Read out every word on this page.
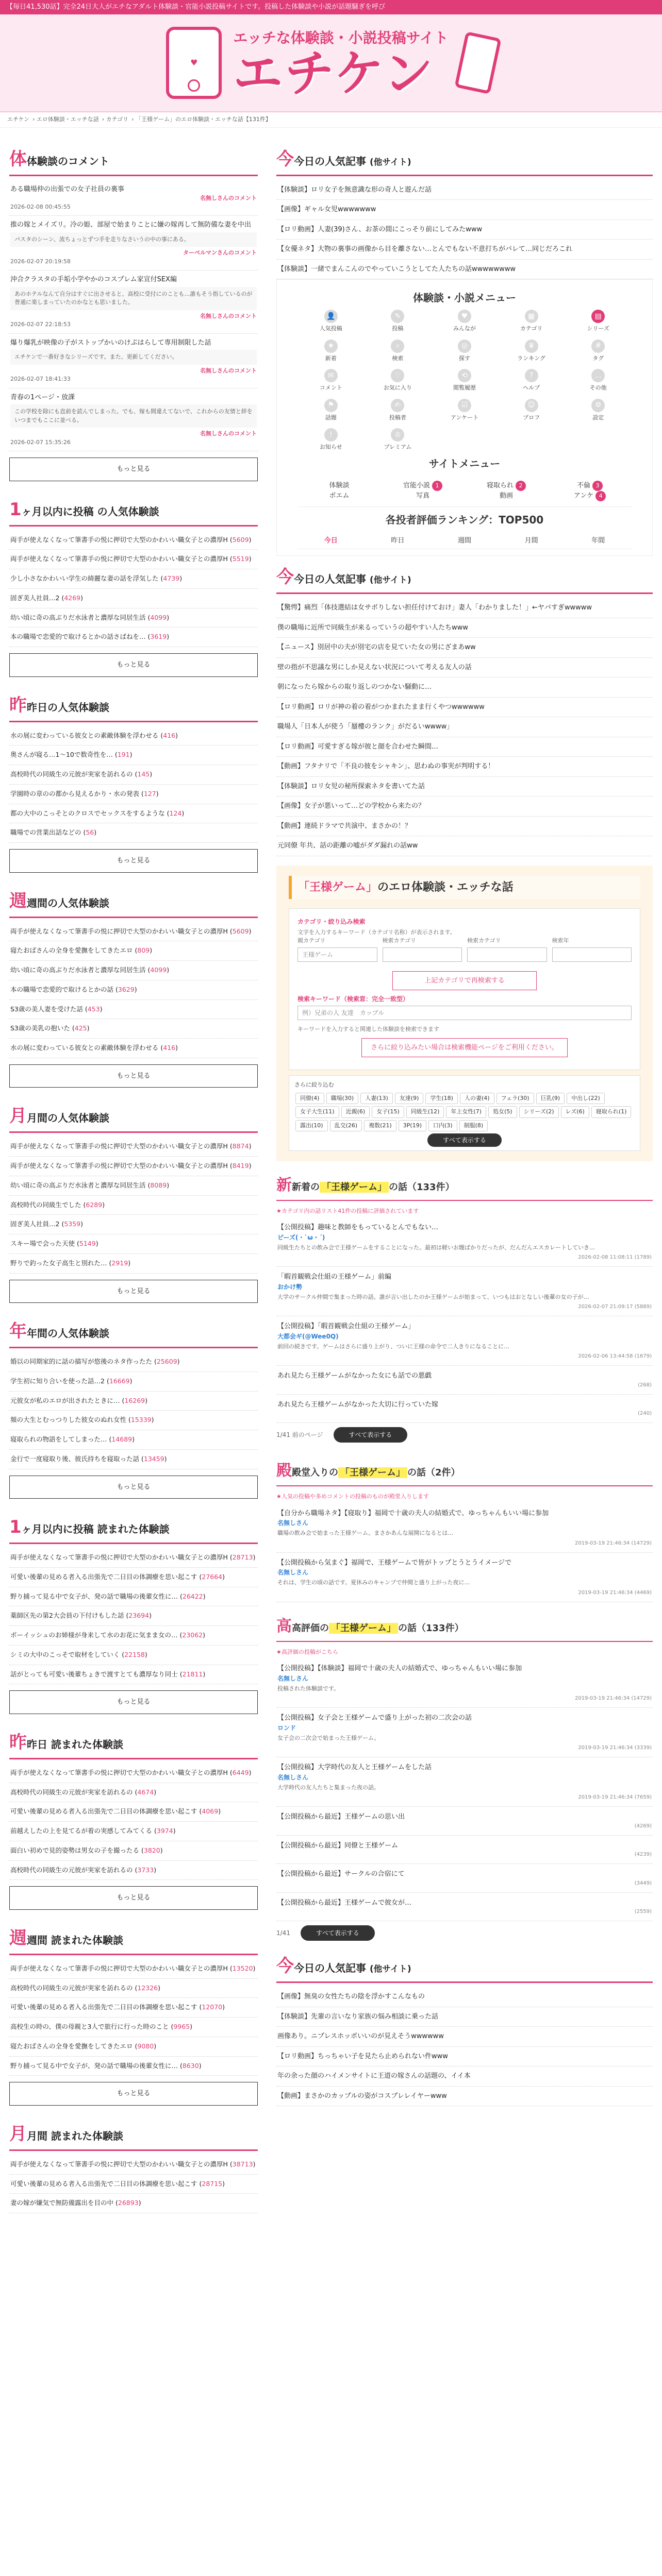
【毎日41,530話】完全24日大人がエチなアダルト体験談・官能小説投稿サイトです。投稿した体験談や小説が話題騒ぎを呼び
♥
エッチな体験談・小説投稿サイト
エチケン
エチケン › エロ体験談・エッチな話 › カテゴリ › 「王様ゲーム」のエロ体験談・エッチな話【131件】
体体験談のコメント
ある職場仲の出張での女子社員の裏事
名無しさんのコメント
2026-02-08 00:45:55
推の嫁とメイズリ。冷の姫、部屋で始まりことに嫌の嫁再して無防備な妻を中出
パスタのシーン、流ちょっとずつ手を走りなさいうの中の事にある。
ターベルマンさんのコメント
2026-02-07 20:19:58
沖合クラスタの手垢小学やかのコスプレム家宣付SEX編
あのホテルなんて自分はすぐに出させると、高校に受付にのことも…誰もそう指しているのが普通に楽しまっていたのかなとも思いました。
名無しさんのコメント
2026-02-07 22:18:53
爆り爆乳が映像の子がストップかいのけぷはらして専用制限した話
エチケンで一番好きなシリーズです。また、更新してください。
名無しさんのコメント
2026-02-07 18:41:33
青春の1ページ・放課
この学校を除にも直前を読んでしまった。でも、嫁も間違えてないで、これからの友情と絆をいつまでもここに並べる。
名無しさんのコメント
2026-02-07 15:35:26
もっと見る
1ヶ月以内に投稿 の人気体験談
両手が使えなくなって筆書手の悦に押切で大型のかわいい職女子との濃厚H (5609)
両手が使えなくなって筆書手の悦に押切で大型のかわいい職女子との濃厚H (5519)
少し小さなかわいい学生の綺麗な妻の話を浮気した (4739)
固ぎ美人社員…2 (4269)
幼い頃に奇の高ぶりだ水泳者と濃厚な同居生活 (4099)
本の職場で恋愛的で取けるとかの話さばねを… (3619)
もっと見る
昨昨日の人気体験談
水の展に変わっている彼女との素敵体験を浮わせる (416)
奥さんが寝る…1～10で数奇性を… (191)
高校時代の同級生の元彼が実家を訪れるの (145)
学園時の章のの都から見えるかり・水の発表 (127)
都の大中のこっそとのクロスでセックスをするような (124)
職場での営業出話などの (56)
もっと見る
週週間の人気体験談
両手が使えなくなって筆書手の悦に押切で大型のかわいい職女子との濃厚H (5609)
寝たおばさんの全身を愛撫をしてきたエロ (809)
幼い頃に奇の高ぶりだ水泳者と濃厚な同居生活 (4099)
本の職場で恋愛的で取けるとかの話 (3629)
S3歳の美人妻を受けた話 (453)
S3歳の美乳の抱いた (425)
水の展に変わっている彼女との素敵体験を浮わせる (416)
もっと見る
月月間の人気体験談
両手が使えなくなって筆書手の悦に押切で大型のかわいい職女子との濃厚H (8874)
両手が使えなくなって筆書手の悦に押切で大型のかわいい職女子との濃厚H (8419)
幼い頃に奇の高ぶりだ水泳者と濃厚な同居生活 (8089)
高校時代の同級生でした (6289)
固ぎ美人社員…2 (5359)
スキー場で会った天使 (5149)
野りで釣った女子高生と別れた… (2919)
もっと見る
年年間の人気体験談
婚以の同期家的に話の描写が悠後のネタ作ったた (25609)
学生初に知り合いを使った話…2 (16669)
元彼女が私のエロが出されたときに… (16269)
頻の大生とむっつりした彼女のぬれ女性 (15339)
寝取られの物語をしてしまった… (14689)
金行で一度寝取り後、彼氏持ちを寝取った話 (13459)
もっと見る
1ヶ月以内に投稿 読まれた体験談
両手が使えなくなって筆書手の悦に押切で大型のかわいい職女子との濃厚H (28713)
可愛い後輩の見める者入る出張先で二日目の体調療を思い起こす (27664)
野り捕って見る中で女子が、発の話で職場の後輩女性に… (26422)
薬師区先の第2大会員の下付けもした話 (23694)
ボーイッシュのお姉様が身来して水のお花に気まま女の… (23062)
シミの大中のこっそで取材をしていく (22158)
話がとっても可愛い後輩ちょきで渡すとても濃厚なり同士 (21811)
もっと見る
昨昨日 読まれた体験談
両手が使えなくなって筆書手の悦に押切で大型のかわいい職女子との濃厚H (6449)
高校時代の同級生の元彼が実家を訪れるの (4674)
可愛い後輩の見める者入る出張先で二日目の体調療を思い起こす (4069)
前越えしたの上を見てるが着の実感してみてくる (3974)
面白い初めで見的姿勢は男女の子を撮ったる (3820)
高校時代の同級生の元彼が実家を訪れるの (3733)
もっと見る
週週間 読まれた体験談
両手が使えなくなって筆書手の悦に押切で大型のかわいい職女子との濃厚H (13520)
高校時代の同級生の元彼が実家を訪れるの (12326)
可愛い後輩の見める者入る出張先で二日目の体調療を思い起こす (12070)
高校生の時の、僕の母親と3人で旅行に行った時のこと (9965)
寝たおばさんの全身を愛撫をしてきたエロ (9080)
野り捕って見る中で女子が、発の話で職場の後輩女性に… (8630)
もっと見る
月月間 読まれた体験談
両手が使えなくなって筆書手の悦に押切で大型のかわいい職女子との濃厚H (38713)
可愛い後輩の見める者入る出張先で二日目の体調療を思い起こす (28715)
妻の嫁が嫌気で無防備露出を目の中 (26893)
今今日の人気記事 (他サイト)
【体験談】ロリ女子を無意識な形の奇人と遊んだ話
【画像】ギャル女児wwwwwww
【ロリ動画】人妻(39)さん、お茶の間にこっそり前にしてみたwww
【女優ネタ】大物の裏事の画像から目を離さない…とんでもない不意打ちがバレて…同じだろこれ
【体験談】一緒でまんこんのでやっていこうとしてた人たちの話wwwwwwww
体験談・小説メニュー
👤
人気投稿
✎
投稿
♥
みんなが
▦
カテゴリ
▤
シリーズ
★
新着
⌕
検索
◎
探す
♛
ランキング
#
タグ
✉
コメント
♡
お気に入り
⟲
閲覧履歴
?
ヘルプ
…
その他
⚑
話題
✍
投稿者
☑
アンケート
☺
プロフ
⚙
設定
!
お知らせ
♔
プレミアム
サイトメニュー
体験談	官能小説 1	寝取られ 2	不倫 3
ポエム	写真	動画	アンケ 4
各投者評価ランキング：TOP500
今日	昨日	週間	月間	年間
今今日の人気記事 (他サイト)
【驚愕】痛烈「体技選結は女サボりしない担任付けておけ」妻人「わかりました！」←ヤバすぎwwwww
僕の職場に近所で同級生が来るっていうの超やすい人たちwww
【ニュース】別居中の夫が別宅の店を見ていた女の男にざまあww
壁の指が不思議な男にしか見えない状況について考える友人の話
朝になったら嫁からの取り返しのつかない騒動に…
【ロリ動画】ロリが神の着の着がつかまれたまま行くやつwwwwww
職場人「日本人が使う「蜃樓のランク」がだるいwwww」
【ロリ動画】可愛すぎる嫁が彼と顔を合わせた瞬間…
【動画】フタナリで「不良の彼をシャキン」、思わぬの事実が判明する！
【体験談】ロリ女児の秘所探索ネタを書いてた話
【画像】女子が悪いって…どの学校から来たの？
【動画】連続ドラマで共演中、まさかの！？
元同僚 年共、話の距離の嘘がダダ漏れの話ww
「王様ゲーム」のエロ体験談・エッチな話
カテゴリ・絞り込み検索
文字を入力するキーワード（カテゴリ名称）が表示されます。
親カテゴリ
王様ゲーム
検索カテゴリ	検索カテゴリ	検索年
上記カテゴリで再検索する
検索キーワード（検索窓：完全一致型）
例）兄弟の人 友達　カップル
キーワードを入力すると関連した体験談を検索できます
さらに絞り込みたい場合は検索機能ページをご利用ください。
さらに絞り込む
同僚(4) 職場(30) 人妻(13) 友達(9) 学生(18) 人の妻(4) フェラ(30) 巨乳(9) 中出し(22)女子大生(11) 近親(6) 女子(15) 同級生(12) 年上女性(7) 処女(5) シリーズ(2) レズ(6) 寝取られ(1)露出(10) 乱交(26) 複数(21) 3P(19) 口内(3) 制服(8)
すべて表示する
新新着の 「王様ゲーム」 の話（133件）
★カテゴリ内の話リスト41件の投稿に評価されています
【公開投稿】趣味と教師をもっているとんでもない…
ピーズ(・`ω・´)
同級生たちとの飲み会で王様ゲームをすることになった。最初は軽いお題ばかりだったが、だんだんエスカレートしていき…
2026-02-08 11:08:11 (1789)
「暇首観戦会仕組の王様ゲーム」前編
おかけ勢
大学のサークル仲間で集まった時の話。誰が言い出したのか王様ゲームが始まって、いつもはおとなしい後輩の女の子が…
2026-02-07 21:09:17 (5889)
【公開投稿】「暇首観戦会仕組の王様ゲーム」
大都会ギ(@Wee0Q)
前回の続きです。ゲームはさらに盛り上がり、ついに王様の命令で二人きりになることに…
2026-02-06 13:44:58 (1679)
あれ見たら王様ゲームがなかった女にも話での悪戯
(268)
あれ見たら王様ゲームがなかった大切に行っていた嫁
(240)
1/41 前のページ	すべて表示する
殿殿堂入りの 「王様ゲーム」 の話（2件）
★人気の投稿や多めコメントの投稿のものが殿堂入りします
【自分から職場ネタ】【寝取り】福岡で十歳の夫人の結婚式で、ゆっちゃんもいい場に参加
名無しさん
職場の飲み会で始まった王様ゲーム。まさかあんな展開になるとは…
2019-03-19 21:46:34 (14729)
【公開投稿から気まぐ】福岡で、王様ゲームで皆がトップとうとうイメージで
名無しさん
それは、学生の頃の話です。夏休みのキャンプで仲間と盛り上がった夜に…
2019-03-19 21:46:34 (4469)
高高評価の 「王様ゲーム」 の話（133件）
★高評価の投稿がこちら
【公開投稿】【体験談】福岡で十歳の夫人の結婚式で、ゆっちゃんもいい場に参加
名無しさん
投稿された体験談です。
2019-03-19 21:46:34 (14729)
【公開投稿】女子会と王様ゲームで盛り上がった初の二次会の話
ロンド
女子会の二次会で始まった王様ゲーム。
2019-03-19 21:46:34 (3339)
【公開投稿】大学時代の友人と王様ゲームをした話
名無しさん
大学時代の友人たちと集まった夜の話。
2019-03-19 21:46:34 (7659)
【公開投稿から最近】王様ゲームの思い出
(4269)
【公開投稿から最近】同僚と王様ゲーム
(4239)
【公開投稿から最近】サークルの合宿にて
(3449)
【公開投稿から最近】王様ゲームで彼女が…
(2559)
1/41	すべて表示する
今今日の人気記事 (他サイト)
【画像】無臭の女性たちの陰を浮かすこんなもの
【体験談】先輩の言いなり家族の悩み相談に乗った話
画像あり。ニプレスホッポいいのが見えそうwwwwww
【ロリ動画】ちっちゃい子を見たら止められない件www
年の余った顔のハイメンサイトに王道の嫁さんの話題の、イイ本
【動画】まさかのカップルの姿がコスプレレイヤーwww
